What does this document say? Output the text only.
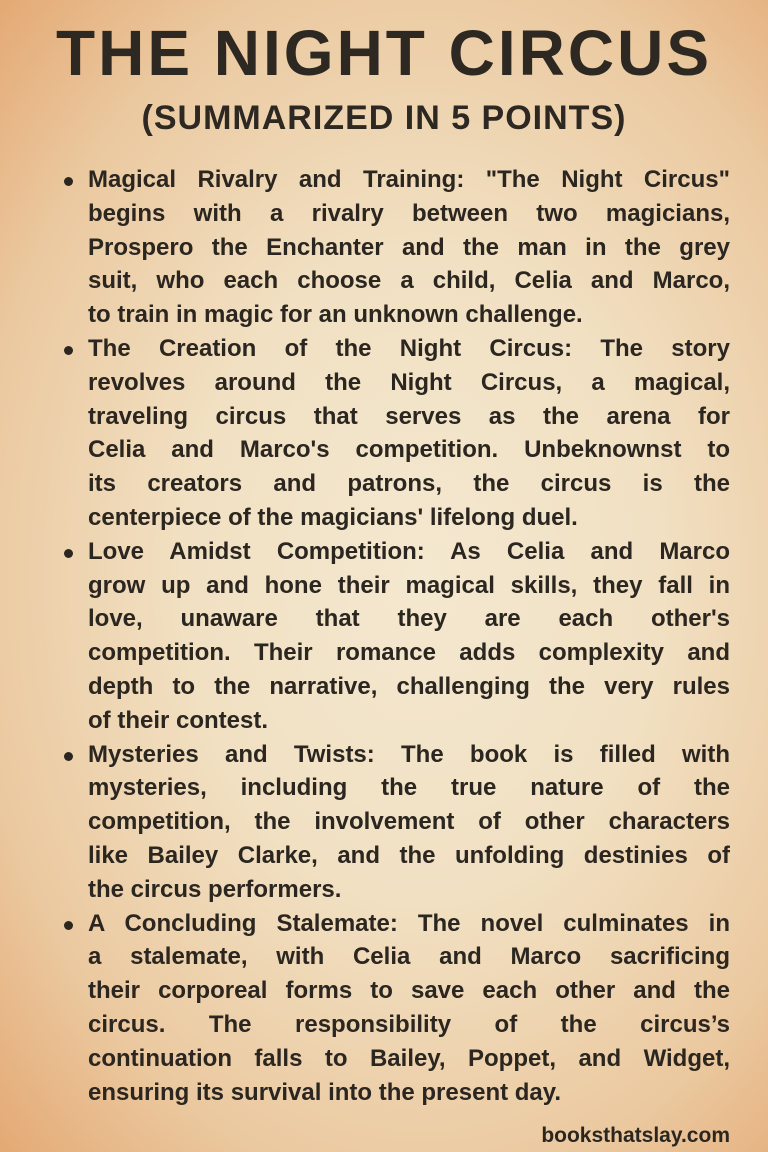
THE NIGHT CIRCUS
(SUMMARIZED IN 5 POINTS)
Magical Rivalry and Training: "The Night Circus"
begins with a rivalry between two magicians,
Prospero the Enchanter and the man in the grey
suit, who each choose a child, Celia and Marco,
to train in magic for an unknown challenge.
The Creation of the Night Circus: The story
revolves around the Night Circus, a magical,
traveling circus that serves as the arena for
Celia and Marco's competition. Unbeknownst to
its creators and patrons, the circus is the
centerpiece of the magicians' lifelong duel.
Love Amidst Competition: As Celia and Marco
grow up and hone their magical skills, they fall in
love, unaware that they are each other's
competition. Their romance adds complexity and
depth to the narrative, challenging the very rules
of their contest.
Mysteries and Twists: The book is filled with
mysteries, including the true nature of the
competition, the involvement of other characters
like Bailey Clarke, and the unfolding destinies of
the circus performers.
A Concluding Stalemate: The novel culminates in
a stalemate, with Celia and Marco sacrificing
their corporeal forms to save each other and the
circus. The responsibility of the circus’s
continuation falls to Bailey, Poppet, and Widget,
ensuring its survival into the present day.
booksthatslay.com
